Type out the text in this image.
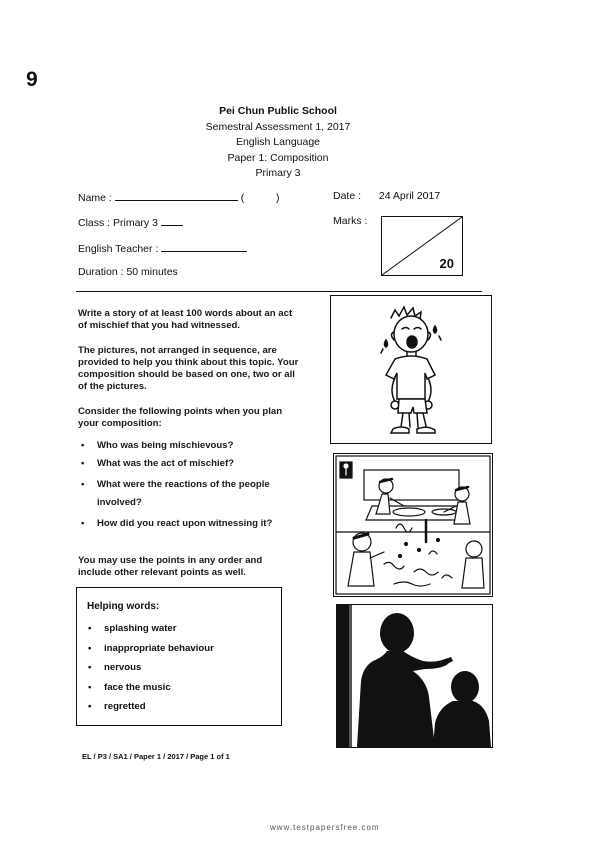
9
Pei Chun Public School
Semestral Assessment 1, 2017
English Language
Paper 1: Composition
Primary 3
Name :	(	)	Date : 24 April 2017
Class : Primary 3	Marks :
20
English Teacher :
Duration : 50 minutes
Write a story of at least 100 words about an act of mischief that you had witnessed.
The pictures, not arranged in sequence, are provided to help you think about this topic. Your composition should be based on one, two or all of the pictures.
Consider the following points when you plan your composition:
• Who was being mischievous?
• What was the act of mischief?
• What were the reactions of the people involved?
• How did you react upon witnessing it?
You may use the points in any order and include other relevant points as well.
Helping words:
• splashing water
• inappropriate behaviour
• nervous
• face the music
• regretted
EL / P3 / SA1 / Paper 1 / 2017 / Page 1 of 1
www.testpapersfree.com
